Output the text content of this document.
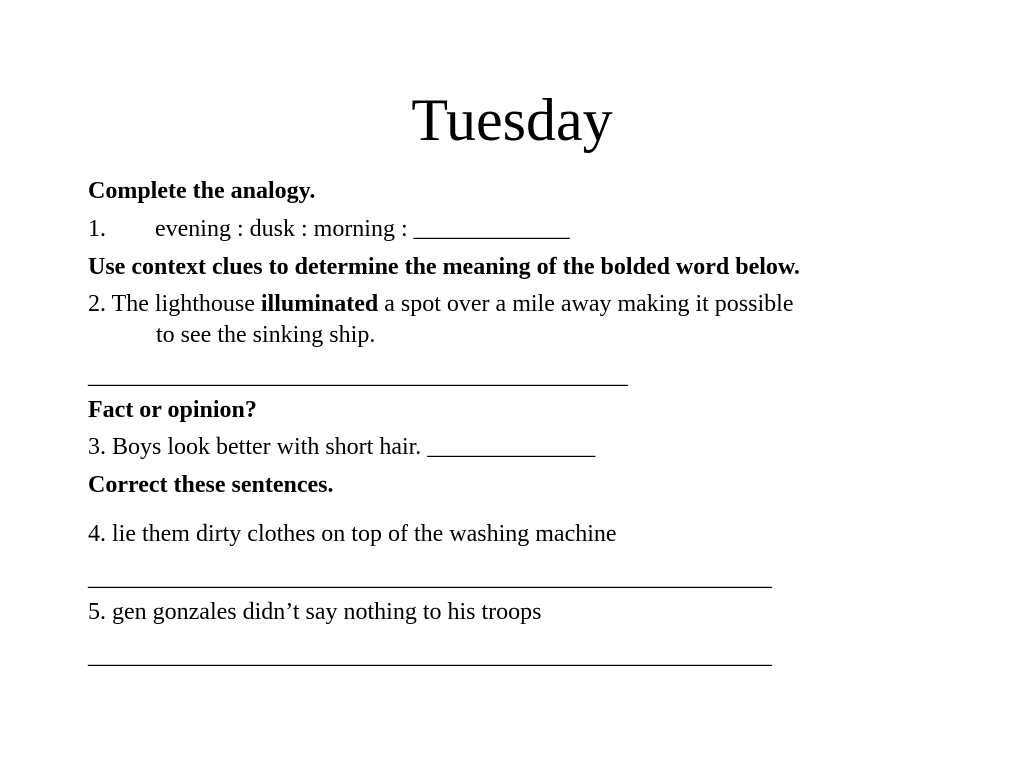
Tuesday

Complete the analogy.

1. evening : dusk : morning : _____________

Use context clues to determine the meaning of the bolded word below.

2. The lighthouse illuminated a spot over a mile away making it possible

to see the sinking ship.

_____________________________________________

Fact or opinion?

3. Boys look better with short hair. ______________

Correct these sentences.

4. lie them dirty clothes on top of the washing machine

_________________________________________________________

5. gen gonzales didn’t say nothing to his troops

_________________________________________________________
